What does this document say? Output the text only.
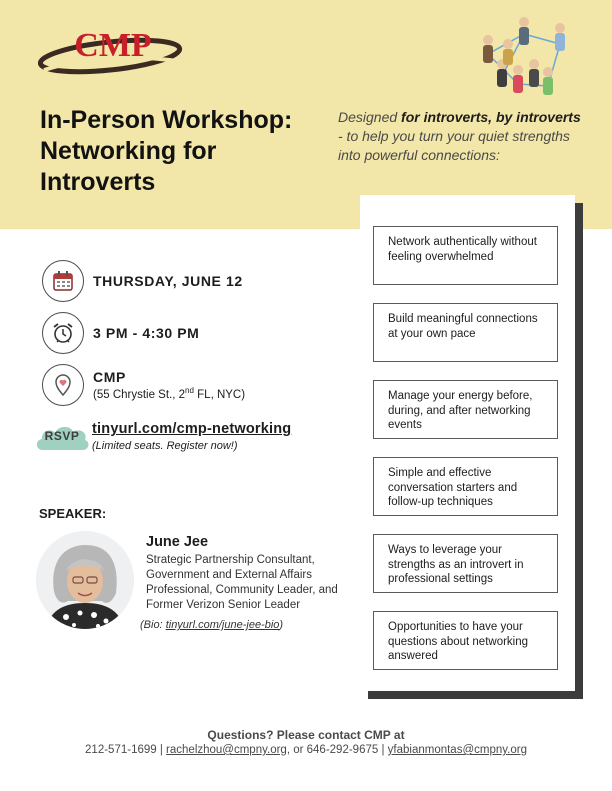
CMP
In-Person Workshop: Networking for Introverts

Designed for introverts, by introverts - to help you turn your quiet strengths into powerful connections:

THURSDAY, JUNE 12
3 PM - 4:30 PM
CMP
(55 Chrystie St., 2nd FL, NYC)
RSVP tinyurl.com/cmp-networking
(Limited seats. Register now!)
SPEAKER:
June Jee

Strategic Partnership Consultant, Government and External Affairs Professional, Community Leader, and Former Verizon Senior Leader

(Bio: tinyurl.com/june-jee-bio)
Network authentically without feeling overwhelmed
Build meaningful connections at your own pace
Manage your energy before, during, and after networking events
Simple and effective conversation starters and follow-up techniques
Ways to leverage your strengths as an introvert in professional settings
Opportunities to have your questions about networking answered
Questions? Please contact CMP at
212-571-1699 | rachelzhou@cmpny.org, or 646-292-9675 | yfabianmontas@cmpny.org
